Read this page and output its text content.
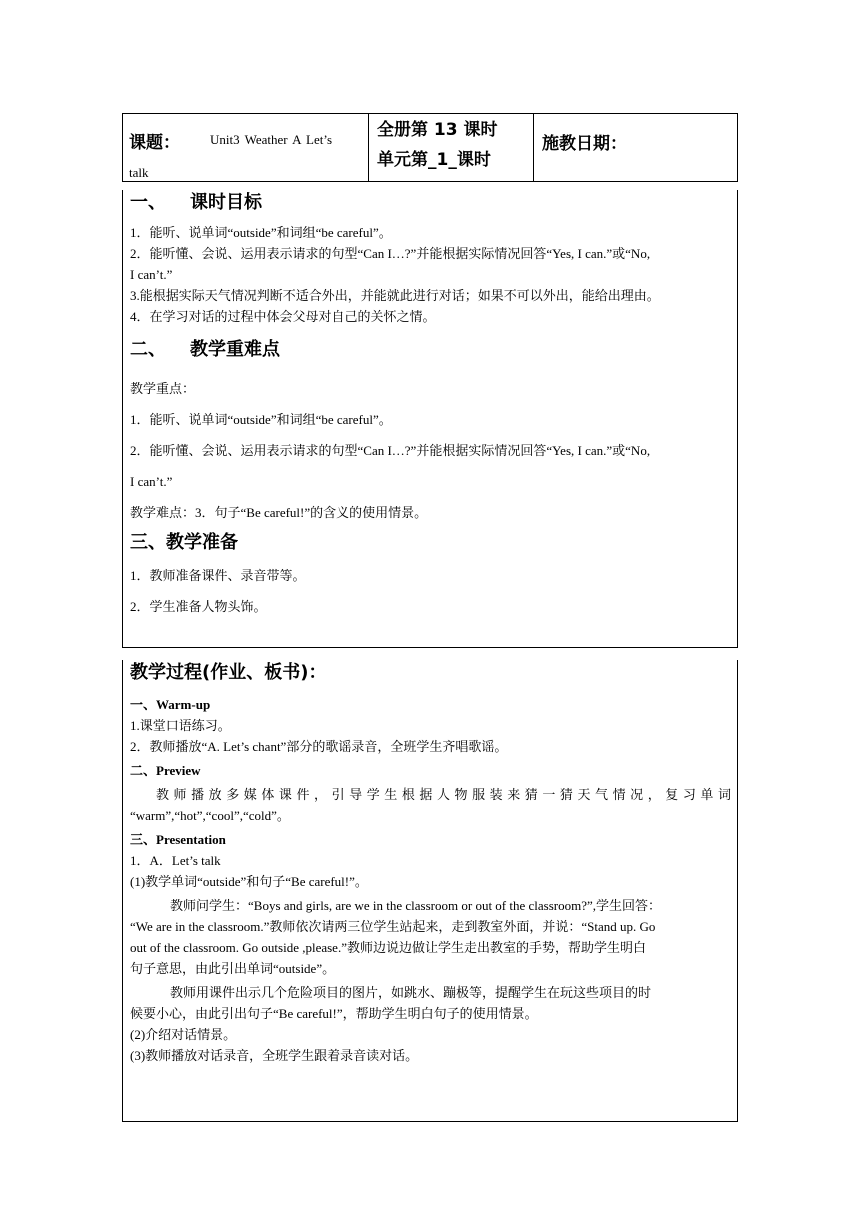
课题： Unit3 Weather A Let’s
talk
全册第 13 课时
单元第_1_课时
施教日期：
一、 课时目标

1．能听、说单词“outside”和词组“be careful”。

2．能听懂、会说、运用表示请求的句型“Can I…?”并能根据实际情况回答“Yes, I can.”或“No,

I can’t.”

3.能根据实际天气情况判断不适合外出，并能就此进行对话；如果不可以外出，能给出理由。

4．在学习对话的过程中体会父母对自己的关怀之情。

二、 教学重难点

教学重点：

1．能听、说单词“outside”和词组“be careful”。

2．能听懂、会说、运用表示请求的句型“Can I…?”并能根据实际情况回答“Yes, I can.”或“No,

I can’t.”

教学难点：3．句子“Be careful!”的含义的使用情景。

三、教学准备

1．教师准备课件、录音带等。

2．学生准备人物头饰。

教学过程(作业、板书)：

一、Warm-up

1.课堂口语练习。

2．教师播放“A. Let’s chant”部分的歌谣录音，全班学生齐唱歌谣。

二、Preview

教师播放多媒体课件，引导学生根据人物服装来猜一猜天气情况，复习单词

“warm”,“hot”,“cool”,“cold”。

三、Presentation

1．A．Let’s talk

(1)教学单词“outside”和句子“Be careful!”。

教师问学生：“Boys and girls, are we in the classroom or out of the classroom?”,学生回答：

“We are in the classroom.”教师依次请两三位学生站起来，走到教室外面，并说：“Stand up. Go

out of the classroom. Go outside ,please.”教师边说边做让学生走出教室的手势，帮助学生明白

句子意思，由此引出单词“outside”。

教师用课件出示几个危险项目的图片，如跳水、蹦极等，提醒学生在玩这些项目的时

候要小心，由此引出句子“Be careful!”，帮助学生明白句子的使用情景。

(2)介绍对话情景。

(3)教师播放对话录音，全班学生跟着录音读对话。
